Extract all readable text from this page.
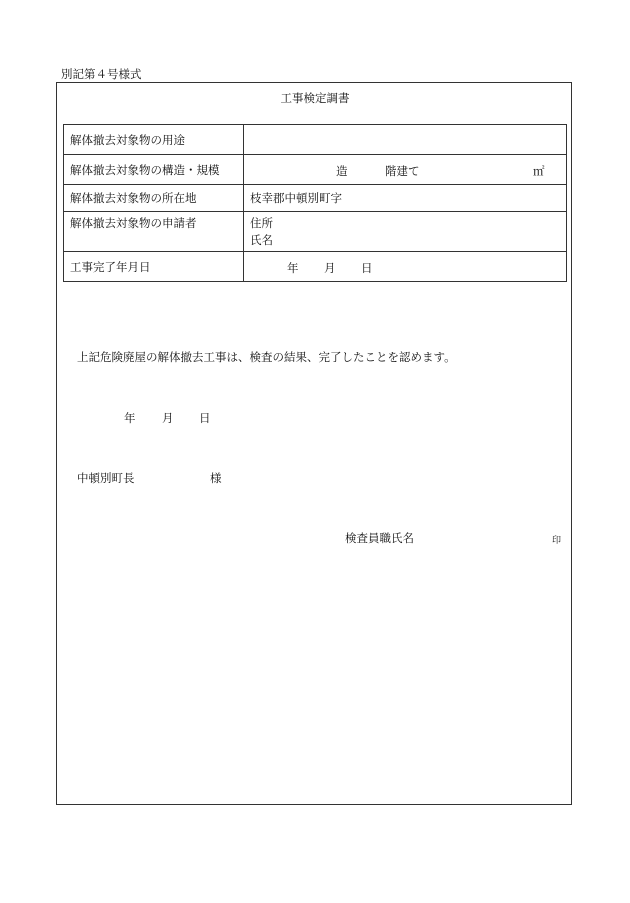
別記第４号様式
工事検定調書
解体撤去対象物の用途	
解体撤去対象物の構造・規模	造 階建て ㎡

解体撤去対象物の所在地	枝幸郡中頓別町字
解体撤去対象物の申請者	住所
氏名

工事完了年月日	年 月 日
上記危険廃屋の解体撤去工事は、検査の結果、完了したことを認めます。
年 月 日
中頓別町長	様
検査員職氏名	印
